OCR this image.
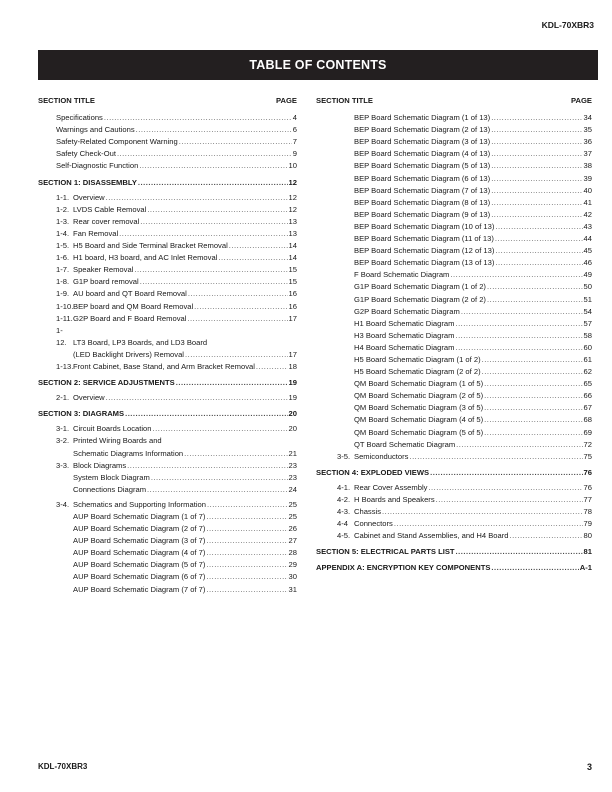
KDL-70XBR3
TABLE OF CONTENTS
SECTION TITLE	PAGE
Specifications .....	4
Warnings and Cautions .....	6
Safety-Related Component Warning .....	7
Safety Check-Out .....	9
Self-Diagnostic Function .....	10
SECTION 1: DISASSEMBLY .....	12
1-1. Overview .....	12
1-2. LVDS Cable Removal .....	12
1-3. Rear cover removal .....	13
1-4. Fan Removal .....	13
1-5. H5 Board and Side Terminal Bracket Removal .....	14
1-6. H1 board, H3 board, and AC Inlet Removal .....	14
1-7. Speaker Removal .....	15
1-8. G1P board removal .....	15
1-9. AU board and QT Board Removal .....	16
1-10. BEP board and QM Board Removal .....	16
1-11. G2P Board and F Board Removal .....	17
1-12. LT3 Board, LP3 Boards, and LD3 Board
(LED Backlight Drivers) Removal .....	17
1-13. Front Cabinet, Base Stand, and Arm Bracket Removal .....	18
SECTION 2: SERVICE ADJUSTMENTS .....	19
2-1. Overview .....	19
SECTION 3: DIAGRAMS .....	20
3-1. Circuit Boards Location .....	20
3-2. Printed Wiring Boards and
Schematic Diagrams Information .....	21
3-3. Block Diagrams .....	23
System Block Diagram .....	23
Connections Diagram .....	24
3-4. Schematics and Supporting Information .....	25
AUP Board Schematic Diagram (1 of 7) .....	25
AUP Board Schematic Diagram (2 of 7) .....	26
AUP Board Schematic Diagram (3 of 7) .....	27
AUP Board Schematic Diagram (4 of 7) .....	28
AUP Board Schematic Diagram (5 of 7) .....	29
AUP Board Schematic Diagram (6 of 7) .....	30
AUP Board Schematic Diagram (7 of 7) .....	31
SECTION TITLE	PAGE
BEP Board Schematic Diagram (1 of 13) .....	34
BEP Board Schematic Diagram (2 of 13) .....	35
BEP Board Schematic Diagram (3 of 13) .....	36
BEP Board Schematic Diagram (4 of 13) .....	37
BEP Board Schematic Diagram (5 of 13) .....	38
BEP Board Schematic Diagram (6 of 13) .....	39
BEP Board Schematic Diagram (7 of 13) .....	40
BEP Board Schematic Diagram (8 of 13) .....	41
BEP Board Schematic Diagram (9 of 13) .....	42
BEP Board Schematic Diagram (10 of 13) .....	43
BEP Board Schematic Diagram (11 of 13) .....	44
BEP Board Schematic Diagram (12 of 13) .....	45
BEP Board Schematic Diagram (13 of 13) .....	46
F Board Schematic Diagram .....	49
G1P Board Schematic Diagram (1 of 2) .....	50
G1P Board Schematic Diagram (2 of 2) .....	51
G2P Board Schematic Diagram .....	54
H1 Board Schematic Diagram .....	57
H3 Board Schematic Diagram .....	58
H4 Board Schematic Diagram .....	60
H5 Board Schematic Diagram (1 of 2) .....	61
H5 Board Schematic Diagram (2 of 2) .....	62
QM Board Schematic Diagram (1 of 5) .....	65
QM Board Schematic Diagram (2 of 5) .....	66
QM Board Schematic Diagram (3 of 5) .....	67
QM Board Schematic Diagram (4 of 5) .....	68
QM Board Schematic Diagram (5 of 5) .....	69
QT Board Schematic Diagram .....	72
3-5. Semiconductors .....	75
SECTION 4: EXPLODED VIEWS .....	76
4-1. Rear Cover Assembly .....	76
4-2. H Boards and Speakers .....	77
4-3. Chassis .....	78
4-4 Connectors .....	79
4-5. Cabinet and Stand Assemblies, and H4 Board .....	80
SECTION 5: ELECTRICAL PARTS LIST .....	81
APPENDIX A: ENCRYPTION KEY COMPONENTS .....	A-1
KDL-70XBR3	3
